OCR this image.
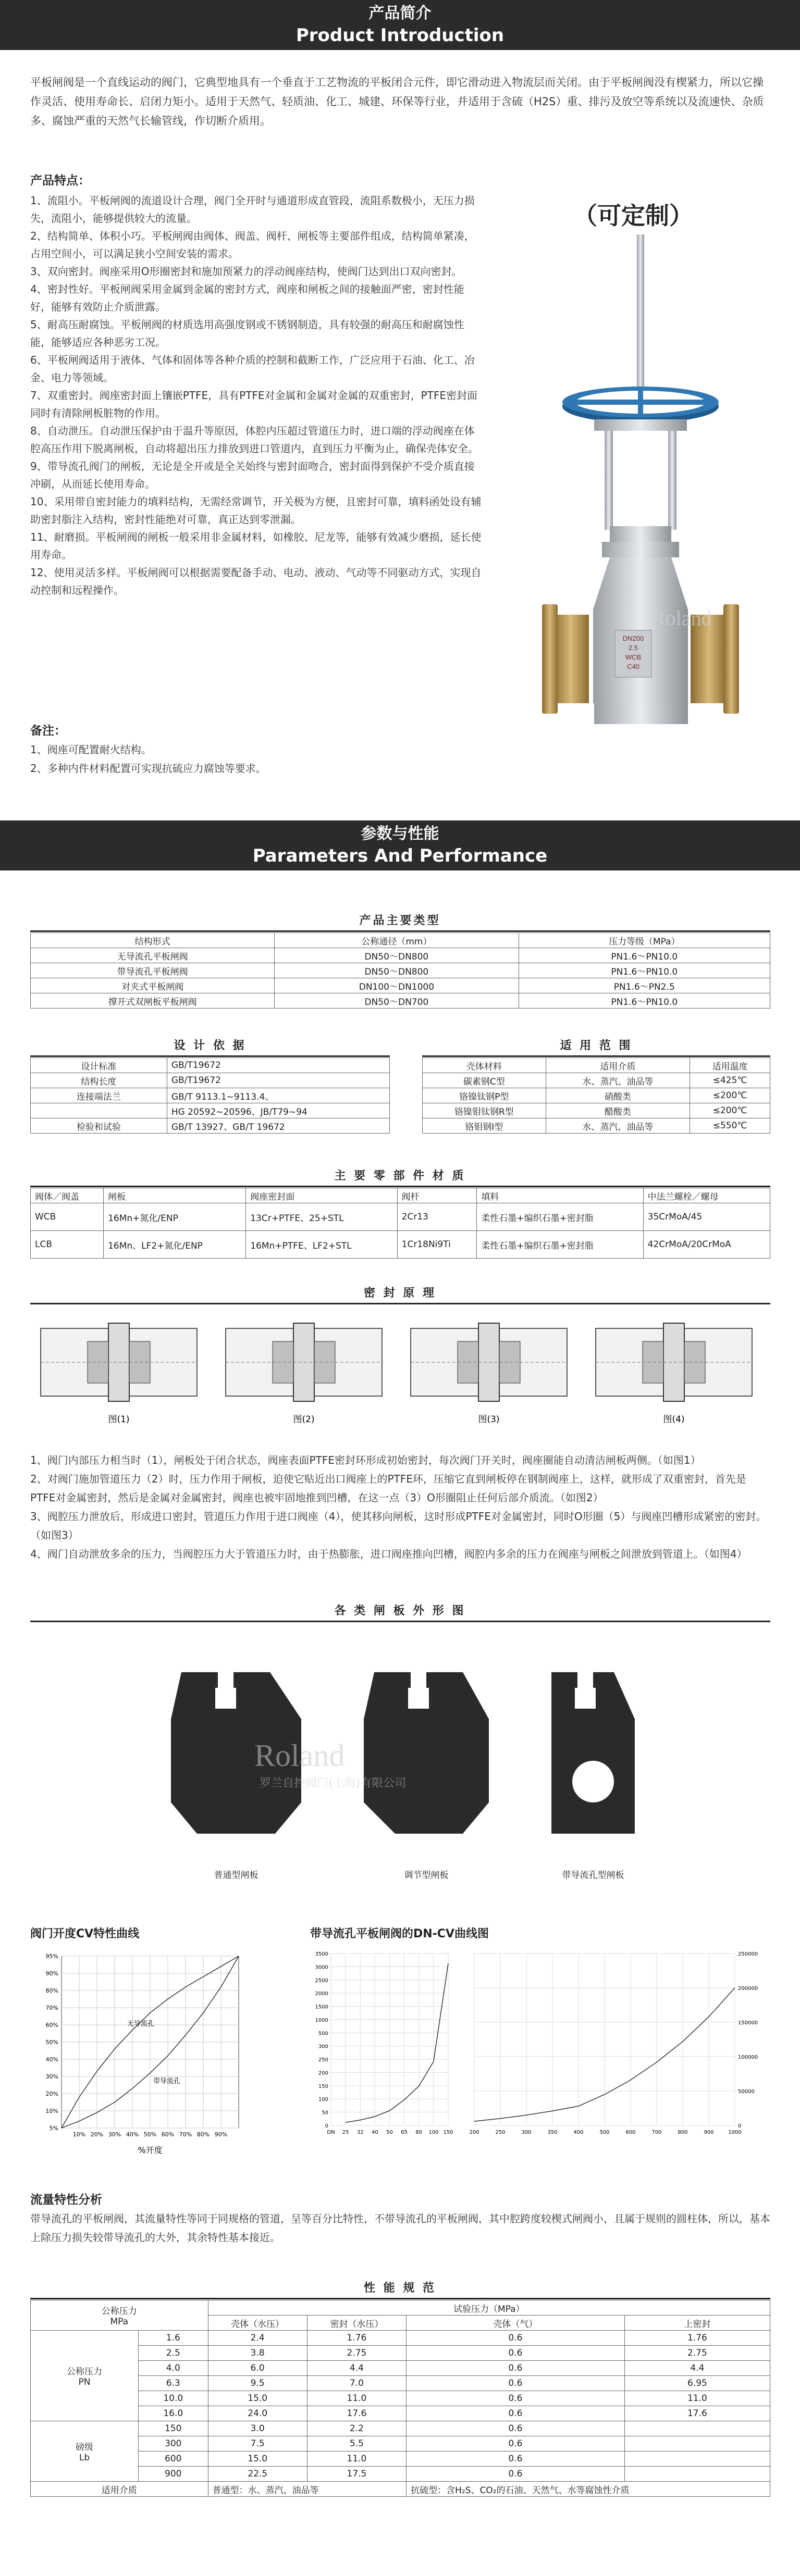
产品简介
Product Introduction
平板闸阀是一个直线运动的阀门，它典型地具有一个垂直于工艺物流的平板闭合元件，即它滑动进入物流层而关闭。由于平板闸阀没有楔紧力，所以它操作灵活、使用寿命长、启闭力矩小。适用于天然气、轻质油、化工、城建、环保等行业，并适用于含硫（H2S）重、排污及放空等系统以及流速快、杂质多、腐蚀严重的天然气长输管线，作切断介质用。
产品特点：
1、流阻小。平板闸阀的流道设计合理，阀门全开时与通道形成直管段，流阻系数极小，无压力损失，流阻小，能够提供较大的流量。
2、结构简单、体积小巧。平板闸阀由阀体、阀盖、阀杆、闸板等主要部件组成，结构简单紧凑，占用空间小，可以满足狭小空间安装的需求。
3、双向密封。阀座采用O形圈密封和施加预紧力的浮动阀座结构，使阀门达到出口双向密封。
4、密封性好。平板闸阀采用金属到金属的密封方式，阀座和闸板之间的接触面严密，密封性能好，能够有效防止介质泄露。
5、耐高压耐腐蚀。平板闸阀的材质选用高强度钢或不锈钢制造，具有较强的耐高压和耐腐蚀性能，能够适应各种恶劣工况。
6、平板闸阀适用于液体、气体和固体等各种介质的控制和截断工作，广泛应用于石油、化工、冶金、电力等领域。
7、双重密封。阀座密封面上镶嵌PTFE，具有PTFE对金属和金属对金属的双重密封，PTFE密封面同时有清除闸板脏物的作用。
8、自动泄压。自动泄压保护由于温升等原因，体腔内压超过管道压力时，进口端的浮动阀座在体腔高压作用下脱离闸板，自动将超出压力排放到进口管道内，直到压力平衡为止，确保壳体安全。
9、带导流孔阀门的闸板，无论是全开或是全关始终与密封面吻合，密封面得到保护不受介质直接冲刷，从而延长使用寿命。
10、采用带自密封能力的填料结构，无需经常调节，开关极为方便，且密封可靠，填料函处设有辅助密封脂注入结构，密封性能绝对可靠，真正达到零泄漏。
11、耐磨损。平板闸阀的闸板一般采用非金属材料，如橡胶、尼龙等，能够有效减少磨损，延长使用寿命。
12、使用灵活多样。平板闸阀可以根据需要配备手动、电动、液动、气动等不同驱动方式，实现自动控制和远程操作。
（可定制）
DN200
2.5
WCB
C40
Roland
备注：
1、阀座可配置耐火结构。
2、多种内件材料配置可实现抗硫应力腐蚀等要求。
参数与性能
Parameters And Performance
产品主要类型
结构形式	公称通径（mm）	压力等级（MPa）
无导流孔平板闸阀	DN50～DN800	PN1.6～PN10.0
带导流孔平板闸阀	DN50～DN800	PN1.6～PN10.0
对夹式平板闸阀	DN100～DN1000	PN1.6～PN2.5
撑开式双闸板平板闸阀	DN50～DN700	PN1.6～PN10.0
设 计 依 据
设计标准	GB/T19672
结构长度	GB/T19672
连接端法兰	GB/T 9113.1~9113.4、
	HG 20592~20596、JB/T79~94
检验和试验	GB/T 13927、GB/T 19672
适 用 范 围
壳体材料	适用介质	适用温度
碳素钢C型	水、蒸汽、油品等	≤425℃
铬镍钛钢P型	硝酸类	≤200℃
铬镍钼钛钢R型	醋酸类	≤200℃
铬钼钢I型	水、蒸汽、油品等	≤550℃
主 要 零 部 件 材 质
阀体／阀盖	闸板	阀座密封面	阀杆	填料	中法兰螺栓／螺母
WCB	16Mn+氮化/ENP	13Cr+PTFE、25+STL	2Cr13	柔性石墨+编织石墨+密封脂	35CrMoA/45
LCB	16Mn、LF2+氮化/ENP	16Mn+PTFE、LF2+STL	1Cr18Ni9Ti	柔性石墨+编织石墨+密封脂	42CrMoA/20CrMoA
密 封 原 理
图(1)	图(2)	图(3)	图(4)
1、阀门内部压力相当时（1），闸板处于闭合状态，阀座表面PTFE密封环形成初始密封，每次阀门开关时，阀座圈能自动清洁闸板两侧。（如图1）
2、对阀门施加管道压力（2）时，压力作用于闸板，迫使它贴近出口阀座上的PTFE环，压缩它直到闸板停在钢制阀座上，这样，就形成了双重密封，首先是PTFE对金属密封，然后是金属对金属密封，阀座也被牢固地推到凹槽，在这一点（3）O形圈阻止任何后部介质流。（如图2）
3、阀腔压力泄放后，形成进口密封，管道压力作用于进口阀座（4），使其移向闸板，这时形成PTFE对金属密封，同时O形圈（5）与阀座凹槽形成紧密的密封。（如图3）
4、阀门自动泄放多余的压力，当阀腔压力大于管道压力时，由于热膨胀，进口阀座推向凹槽，阀腔内多余的压力在阀座与闸板之间泄放到管道上。（如图4）
各 类 闸 板 外 形 图
Roland
罗兰自控阀门(上海)有限公司
普通型闸板	调节型闸板	带导流孔型闸板
阀门开度CV特性曲线	带导流孔平板闸阀的DN-CV曲线图
5%
10%
20%
30%
40%
50%
60%
70%
80%
90%
95%
10% 20% 30% 40% 50% 60% 70% 80% 90%
%开度
无导流孔
带导流孔
0
50
100
150
200
250
300
500
1000
1500
2000
2500
3000
3500
DN 25 32 40 50 65 80 100 150
0
50000
100000
150000
200000
250000
200	250	300	350	400	500	600	700	800	900	1000
流量特性分析
带导流孔的平板闸阀，其流量特性等同于同规格的管道，呈等百分比特性，不带导流孔的平板闸阀，其中腔跨度较楔式闸阀小，且属于规则的圆柱体，所以，基本上除压力损失较带导流孔的大外，其余特性基本接近。
性 能 规 范
公称压力
MPa		试验压力（MPa）			
		壳体（水压）	密封（水压）	壳体（气）	上密封

公称压力
PN	1.6	2.4	1.76	0.6	1.76
	2.5	3.8	2.75	0.6	2.75
	4.0	6.0	4.4	0.6	4.4
	6.3	9.5	7.0	0.6	6.95
	10.0	15.0	11.0	0.6	11.0
	16.0	24.0	17.6	0.6	17.6

磅级
Lb	150	3.0	2.2	0.6	
	300	7.5	5.5	0.6	
	600	15.0	11.0	0.6	
	900	22.5	17.5	0.6	
适用介质		普通型：水、蒸汽、油品等		抗硫型：含H₂S、CO₂的石油、天然气、水等腐蚀性介质	
